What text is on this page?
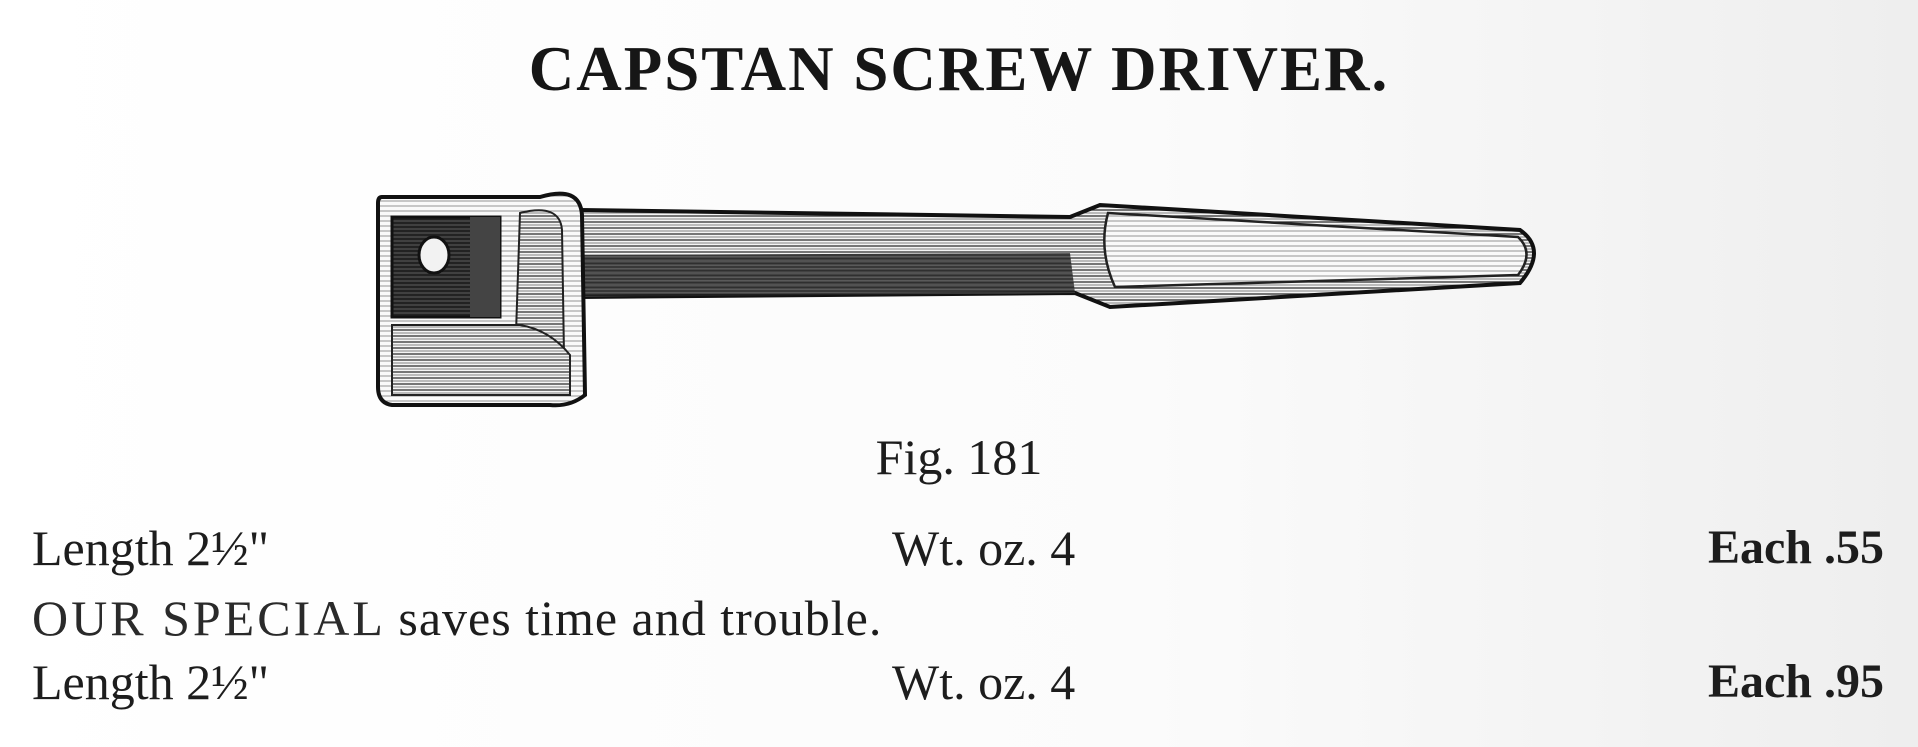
CAPSTAN SCREW DRIVER.
Fig. 181
Length 2½"	Wt. oz. 4	Each .55
OUR SPECIAL saves time and trouble.
Length 2½"	Wt. oz. 4	Each .95
